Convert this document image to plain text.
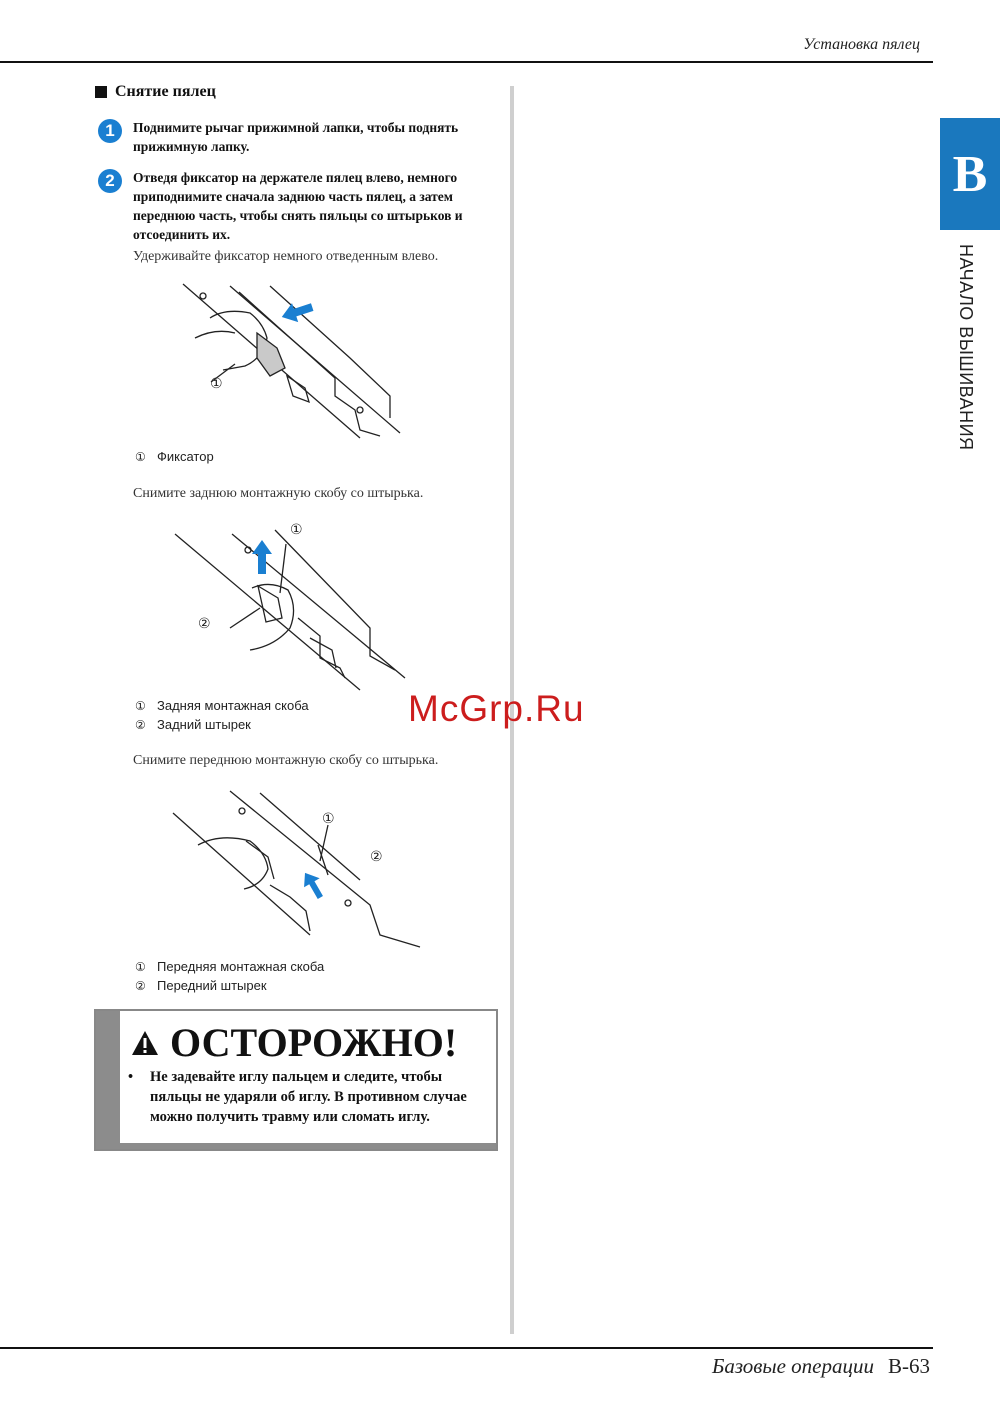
Установка пялец
B
НАЧАЛО ВЫШИВАНИЯ
Снятие пялец
1	Поднимите рычаг прижимной лапки, чтобы поднять прижимную лапку.
2	Отведя фиксатор на держателе пялец влево, немного приподнимите сначала заднюю часть пялец, а затем переднюю часть, чтобы снять пяльцы со штырьков и отсоединить их.
Удерживайте фиксатор немного отведенным влево.
①
① Фиксатор
Снимите заднюю монтажную скобу со штырька.
①
②
① Задняя монтажная скоба
② Задний штырек
Снимите переднюю монтажную скобу со штырька.
①
②
① Передняя монтажная скоба
② Передний штырек
ОСТОРОЖНО!
•	Не задевайте иглу пальцем и следите, чтобы пяльцы не ударяли об иглу. В противном случае можно получить травму или сломать иглу.
McGrp.Ru
Базовые операции B-63
